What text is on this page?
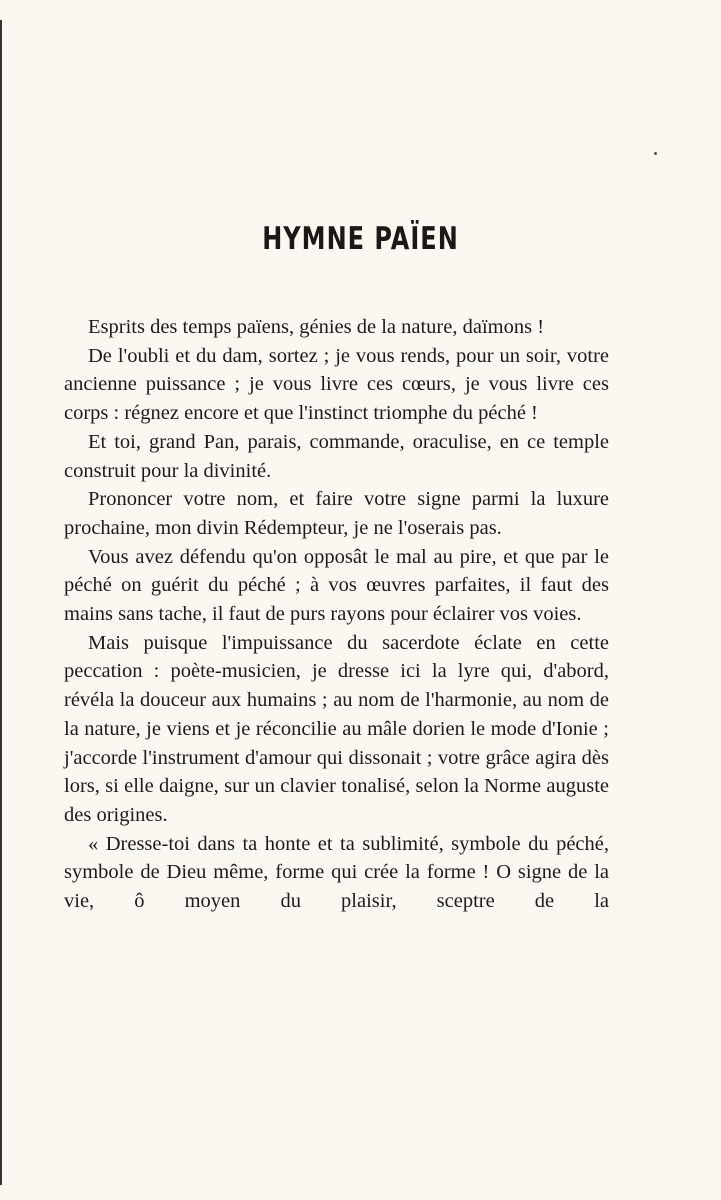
HYMNE PAÏEN

Esprits des temps païens, génies de la nature, daïmons !

De l'oubli et du dam, sortez ; je vous rends, pour un soir, votre ancienne puissance ; je vous livre ces cœurs, je vous livre ces corps : régnez encore et que l'instinct triomphe du péché !

Et toi, grand Pan, parais, commande, oraculise, en ce temple construit pour la divinité.

Prononcer votre nom, et faire votre signe parmi la luxure prochaine, mon divin Rédempteur, je ne l'oserais pas.

Vous avez défendu qu'on opposât le mal au pire, et que par le péché on guérit du péché ; à vos œuvres parfaites, il faut des mains sans tache, il faut de purs rayons pour éclairer vos voies.

Mais puisque l'impuissance du sacerdote éclate en cette peccation : poète-musicien, je dresse ici la lyre qui, d'abord, révéla la douceur aux humains ; au nom de l'harmonie, au nom de la nature, je viens et je réconcilie au mâle dorien le mode d'Ionie ; j'accorde l'instrument d'amour qui dissonait ; votre grâce agira dès lors, si elle daigne, sur un clavier tonalisé, selon la Norme auguste des origines.

« Dresse-toi dans ta honte et ta sublimité, symbole du péché, symbole de Dieu même, forme qui crée la forme ! O signe de la vie, ô moyen du plaisir, sceptre de la
